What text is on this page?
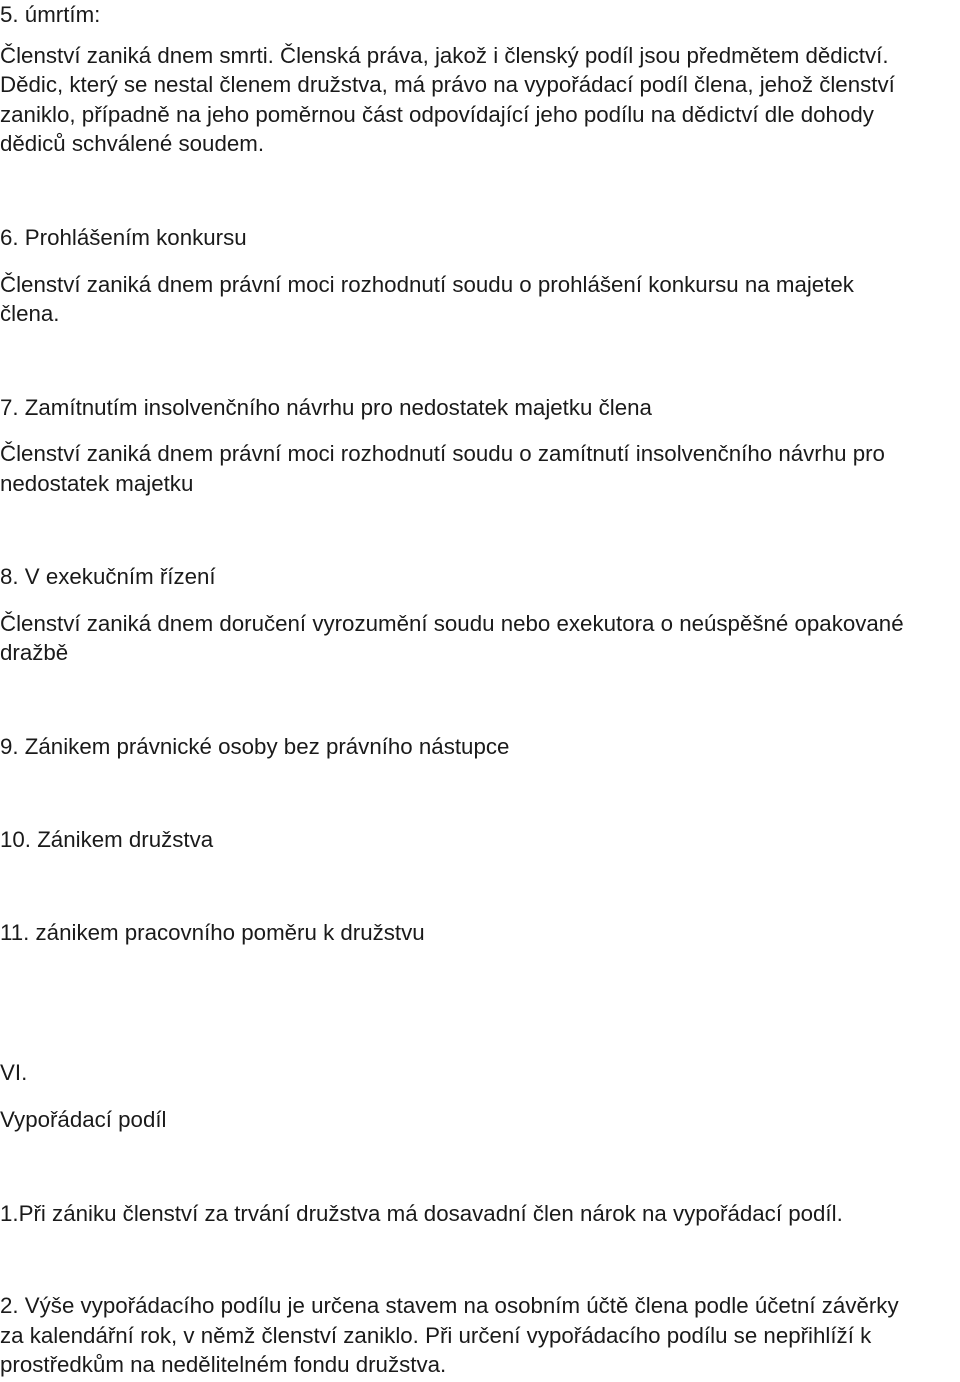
5. úmrtím:

Členství zaniká dnem smrti. Členská práva, jakož i členský podíl jsou předmětem dědictví.

Dědic, který se nestal členem družstva, má právo na vypořádací podíl člena, jehož členství

zaniklo, případně na jeho poměrnou část odpovídající jeho podílu na dědictví dle dohody

dědiců schválené soudem.

6. Prohlášením konkursu

Členství zaniká dnem právní moci rozhodnutí soudu o prohlášení konkursu na majetek

člena.

7. Zamítnutím insolvenčního návrhu pro nedostatek majetku člena

Členství zaniká dnem právní moci rozhodnutí soudu o zamítnutí insolvenčního návrhu pro

nedostatek majetku

8. V exekučním řízení

Členství zaniká dnem doručení vyrozumění soudu nebo exekutora o neúspěšné opakované

dražbě

9. Zánikem právnické osoby bez právního nástupce

10. Zánikem družstva

11. zánikem pracovního poměru k družstvu

VI.

Vypořádací podíl

1.Při zániku členství za trvání družstva má dosavadní člen nárok na vypořádací podíl.

2. Výše vypořádacího podílu je určena stavem na osobním účtě člena podle účetní závěrky

za kalendářní rok, v němž členství zaniklo. Při určení vypořádacího podílu se nepřihlíží k

prostředkům na nedělitelném fondu družstva.
